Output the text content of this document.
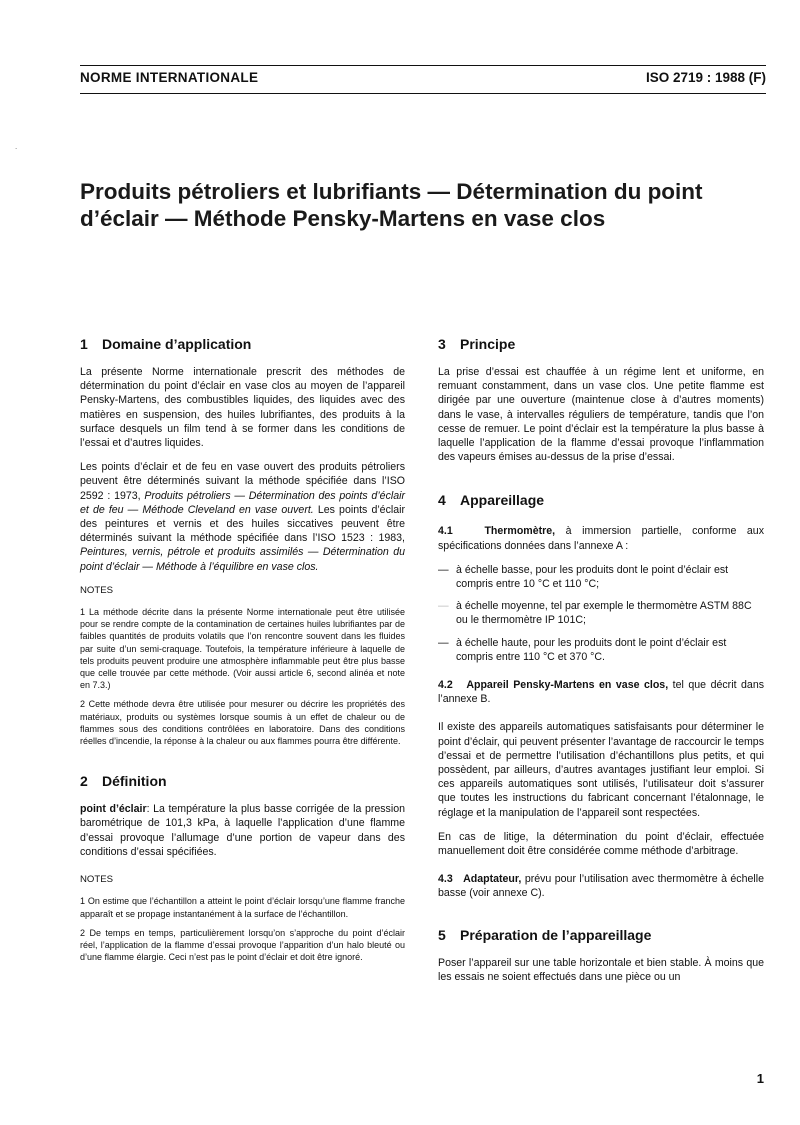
NORME INTERNATIONALE	ISO 2719 : 1988 (F)
.
Produits pétroliers et lubrifiants — Détermination du point d’éclair — Méthode Pensky-Martens en vase clos
1	Domaine d’application

La présente Norme internationale prescrit des méthodes de détermination du point d’éclair en vase clos au moyen de l’appareil Pensky-Martens, des combustibles liquides, des liquides avec des matières en suspension, des huiles lubrifiantes, des produits à la surface desquels un film tend à se former dans les conditions de l’essai et d’autres liquides.

Les points d’éclair et de feu en vase ouvert des produits pétroliers peuvent être déterminés suivant la méthode spécifiée dans l’ISO 2592 : 1973, Produits pétroliers — Détermination des points d’éclair et de feu — Méthode Cleveland en vase ouvert. Les points d’éclair des peintures et vernis et des huiles siccatives peuvent être déterminés suivant la méthode spécifiée dans l’ISO 1523 : 1983, Peintures, vernis, pétrole et produits assimilés — Détermination du point d’éclair — Méthode à l’équilibre en vase clos.

NOTES

1 La méthode décrite dans la présente Norme internationale peut être utilisée pour se rendre compte de la contamination de certaines huiles lubrifiantes par de faibles quantités de produits volatils que l’on rencontre souvent dans les fluides par suite d’un semi-craquage. Toutefois, la température inférieure à laquelle de tels produits peuvent produire une atmosphère inflammable peut être plus basse que celle trouvée par cette méthode. (Voir aussi article 6, second alinéa et note en 7.3.)

2 Cette méthode devra être utilisée pour mesurer ou décrire les propriétés des matériaux, produits ou systèmes lorsque soumis à un effet de chaleur ou de flammes sous des conditions contrôlées en laboratoire. Dans des conditions réelles d’incendie, la réponse à la chaleur ou aux flammes pourra être différente.

2	Définition

point d’éclair: La température la plus basse corrigée de la pression barométrique de 101,3 kPa, à laquelle l’application d’une flamme d’essai provoque l’allumage d’une portion de vapeur dans des conditions d’essai spécifiées.

NOTES

1 On estime que l’échantillon a atteint le point d’éclair lorsqu’une flamme franche apparaît et se propage instantanément à la surface de l’échantillon.

2 De temps en temps, particulièrement lorsqu’on s’approche du point d’éclair réel, l’application de la flamme d’essai provoque l’apparition d’un halo bleuté ou d’une flamme élargie. Ceci n’est pas le point d’éclair et doit être ignoré.

3	Principe

La prise d’essai est chauffée à un régime lent et uniforme, en remuant constamment, dans un vase clos. Une petite flamme est dirigée par une ouverture (maintenue close à d’autres moments) dans le vase, à intervalles réguliers de température, tandis que l’on cesse de remuer. Le point d’éclair est la température la plus basse à laquelle l’application de la flamme d’essai provoque l’inflammation des vapeurs émises au-dessus de la prise d’essai.

4	Appareillage

4.1	Thermomètre, à immersion partielle, conforme aux spécifications données dans l’annexe A :

— à échelle basse, pour les produits dont le point d’éclair est compris entre 10 °C et 110 °C;
— à échelle moyenne, tel par exemple le thermomètre ASTM 88C ou le thermomètre IP 101C;
— à échelle haute, pour les produits dont le point d’éclair est compris entre 110 °C et 370 °C.

4.2 Appareil Pensky-Martens en vase clos, tel que décrit dans l’annexe B.

Il existe des appareils automatiques satisfaisants pour déterminer le point d’éclair, qui peuvent présenter l’avantage de raccourcir le temps d’essai et de permettre l’utilisation d’échantillons plus petits, et qui possèdent, par ailleurs, d’autres avantages justifiant leur emploi. Si ces appareils automatiques sont utilisés, l’utilisateur doit s’assurer que toutes les instructions du fabricant concernant l’étalonnage, le réglage et la manipulation de l’appareil sont respectées.

En cas de litige, la détermination du point d’éclair, effectuée manuellement doit être considérée comme méthode d’arbitrage.

4.3 Adaptateur, prévu pour l’utilisation avec thermomètre à échelle basse (voir annexe C).

5	Préparation de l’appareillage

Poser l’appareil sur une table horizontale et bien stable. À moins que les essais ne soient effectués dans une pièce ou un

1
